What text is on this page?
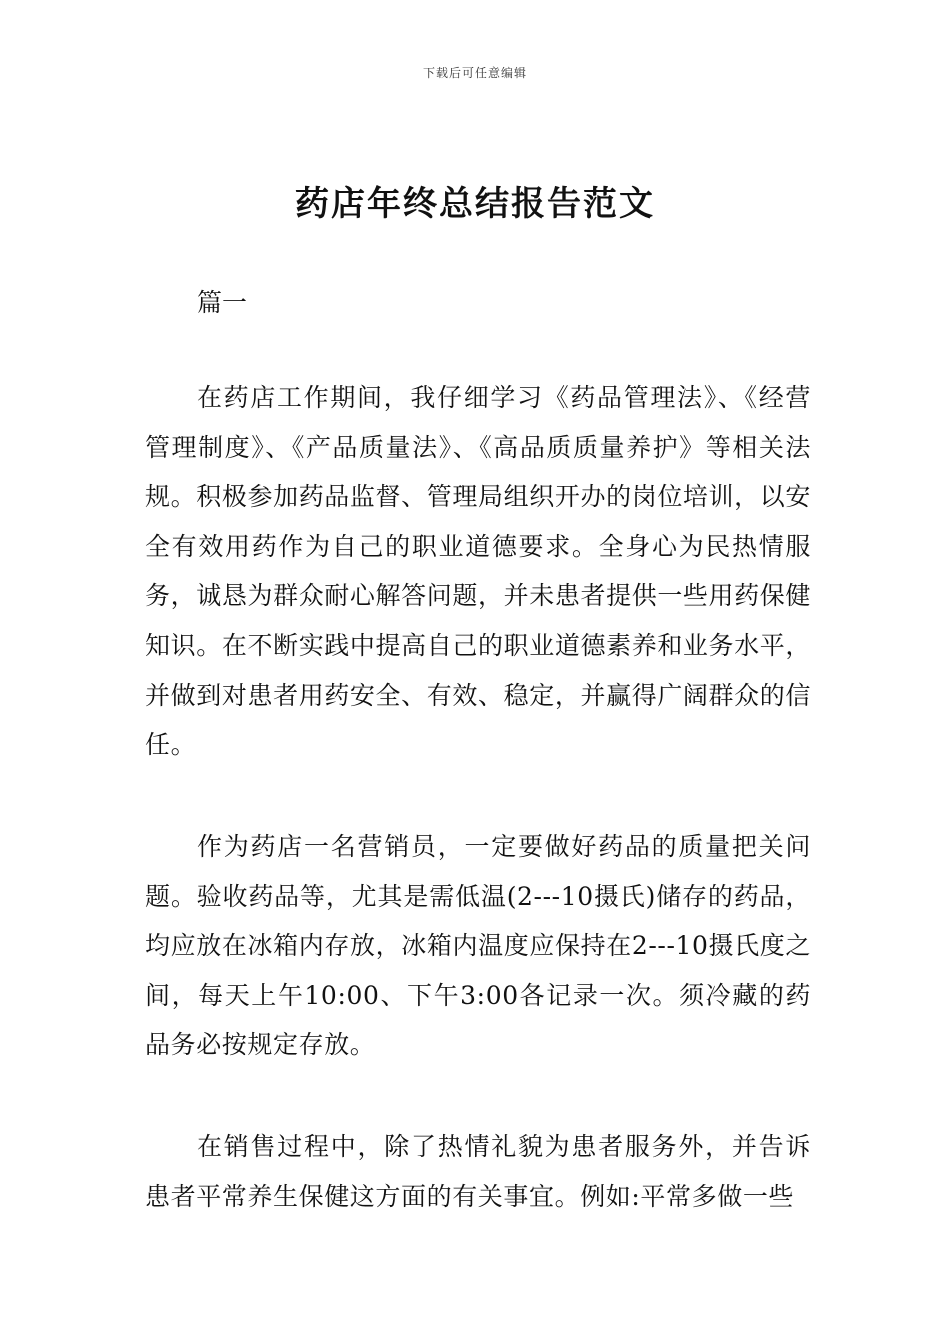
下载后可任意编辑
药店年终总结报告范文
篇一

在药店工作期间，我仔细学习《药品管理法》、《经营管理制度》、《产品质量法》、《高品质质量养护》等相关法规。积极参加药品监督、管理局组织开办的岗位培训，以安全有效用药作为自己的职业道德要求。全身心为民热情服务，诚恳为群众耐心解答问题，并未患者提供一些用药保健知识。在不断实践中提高自己的职业道德素养和业务水平，并做到对患者用药安全、有效、稳定，并赢得广阔群众的信任。

作为药店一名营销员，一定要做好药品的质量把关问题。验收药品等，尤其是需低温(2---10摄氏)储存的药品，均应放在冰箱内存放，冰箱内温度应保持在2---10摄氏度之间，每天上午10:00、下午3:00各记录一次。须冷藏的药品务必按规定存放。

在销售过程中，除了热情礼貌为患者服务外，并告诉患者平常养生保健这方面的有关事宜。例如:平常多做一些
